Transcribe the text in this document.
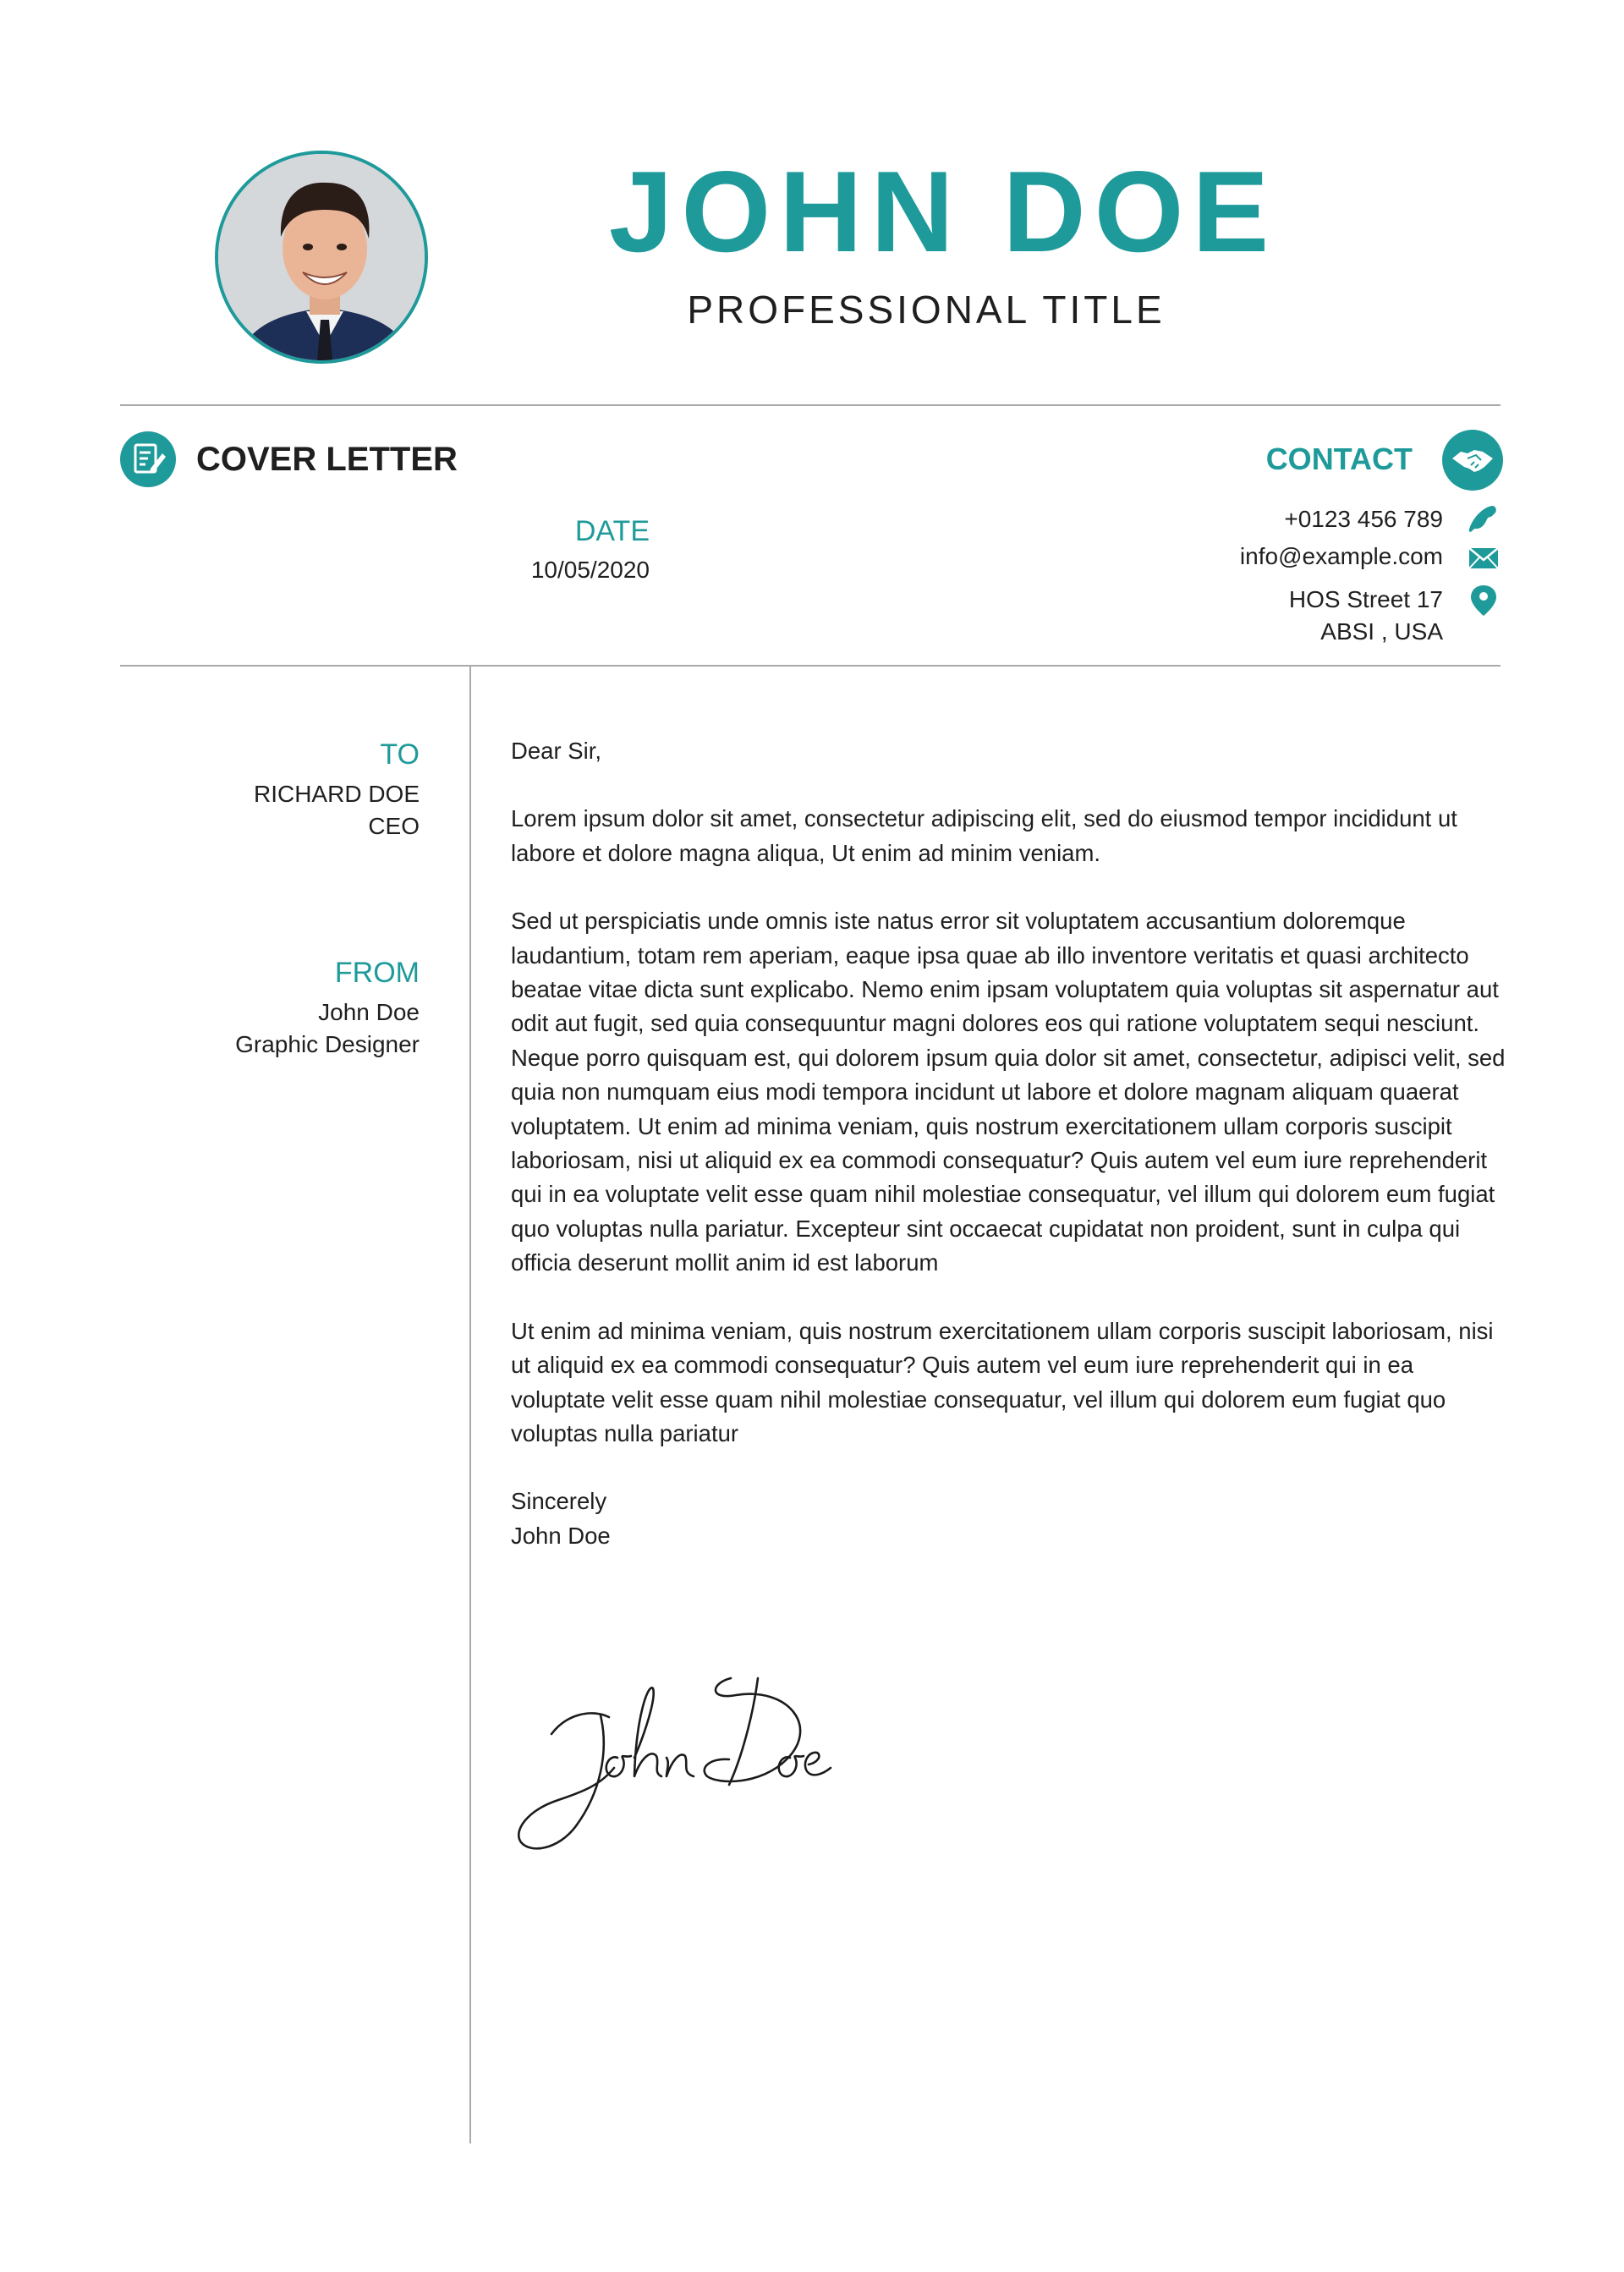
JOHN DOE
PROFESSIONAL TITLE
COVER LETTER	CONTACT
DATE
10/05/2020
+0123 456 789
info@example.com
HOS Street 17
ABSI , USA
TO
RICHARD DOE
CEO
FROM
John Doe
Graphic Designer

Dear Sir,

Lorem ipsum dolor sit amet, consectetur adipiscing elit, sed do eiusmod tempor incididunt ut labore et dolore magna aliqua, Ut enim ad minim veniam.

Sed ut perspiciatis unde omnis iste natus error sit voluptatem accusantium doloremque laudantium, totam rem aperiam, eaque ipsa quae ab illo inventore veritatis et quasi architecto beatae vitae dicta sunt explicabo. Nemo enim ipsam voluptatem quia voluptas sit aspernatur aut odit aut fugit, sed quia consequuntur magni dolores eos qui ratione voluptatem sequi nesciunt. Neque porro quisquam est, qui dolorem ipsum quia dolor sit amet, consectetur, adipisci velit, sed quia non numquam eius modi tempora incidunt ut labore et dolore magnam aliquam quaerat voluptatem. Ut enim ad minima veniam, quis nostrum exercitationem ullam corporis suscipit laboriosam, nisi ut aliquid ex ea commodi consequatur? Quis autem vel eum iure reprehenderit qui in ea voluptate velit esse quam nihil molestiae consequatur, vel illum qui dolorem eum fugiat quo voluptas nulla pariatur. Excepteur sint occaecat cupidatat non proident, sunt in culpa qui officia deserunt mollit anim id est laborum

Ut enim ad minima veniam, quis nostrum exercitationem ullam corporis suscipit laboriosam, nisi ut aliquid ex ea commodi consequatur? Quis autem vel eum iure reprehenderit qui in ea voluptate velit esse quam nihil molestiae consequatur, vel illum qui dolorem eum fugiat quo voluptas nulla pariatur

Sincerely
John Doe
